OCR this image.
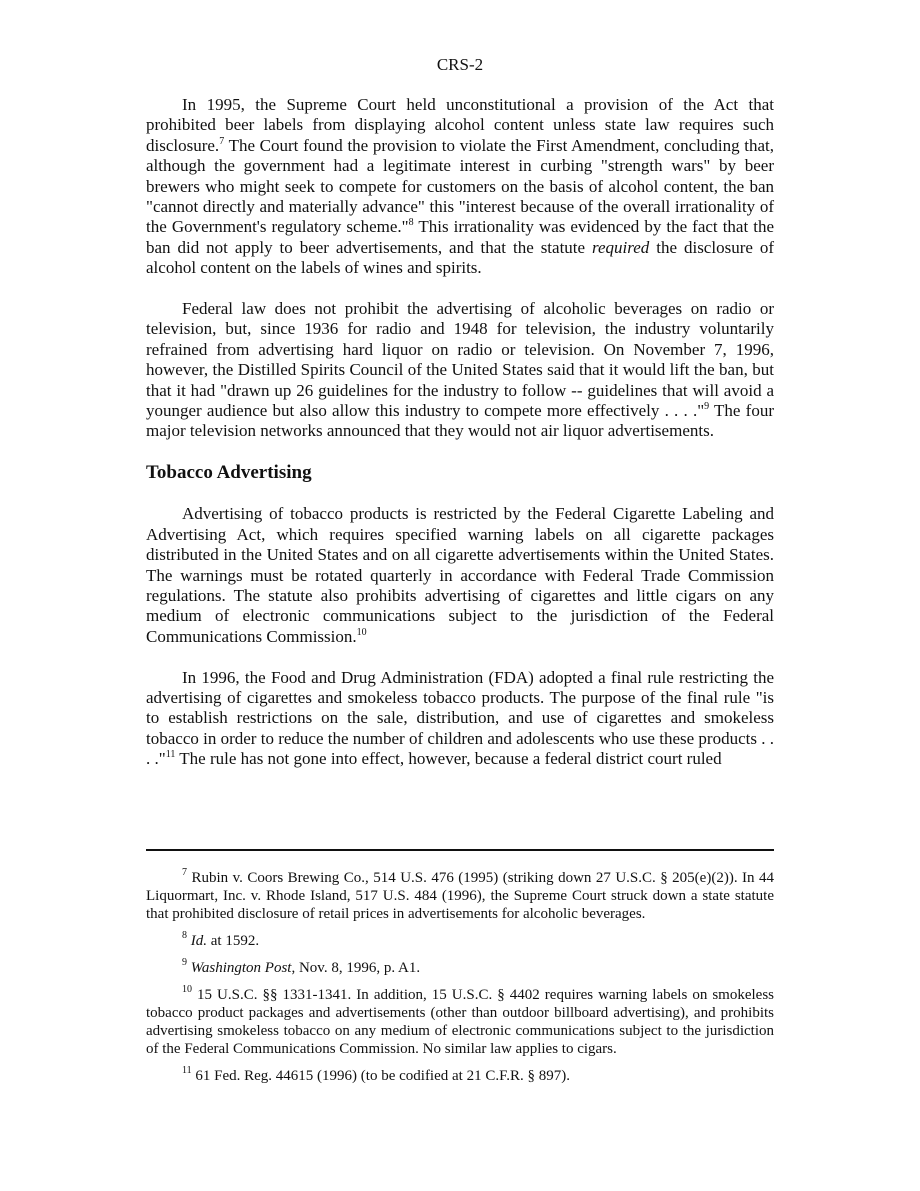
CRS-2

In 1995, the Supreme Court held unconstitutional a provision of the Act that prohibited beer labels from displaying alcohol content unless state law requires such disclosure.$^7$ The Court found the provision to violate the First Amendment, concluding that, although the government had a legitimate interest in curbing "strength wars" by beer brewers who might seek to compete for customers on the basis of alcohol content, the ban "cannot directly and materially advance" this "interest because of the overall irrationality of the Government's regulatory scheme."$^8$ This irrationality was evidenced by the fact that the ban did not apply to beer advertisements, and that the statute required the disclosure of alcohol content on the labels of wines and spirits.

Federal law does not prohibit the advertising of alcoholic beverages on radio or television, but, since 1936 for radio and 1948 for television, the industry voluntarily refrained from advertising hard liquor on radio or television. On November 7, 1996, however, the Distilled Spirits Council of the United States said that it would lift the ban, but that it had "drawn up 26 guidelines for the industry to follow -- guidelines that will avoid a younger audience but also allow this industry to compete more effectively . . . ."$^9$ The four major television networks announced that they would not air liquor advertisements.

Tobacco Advertising

Advertising of tobacco products is restricted by the Federal Cigarette Labeling and Advertising Act, which requires specified warning labels on all cigarette packages distributed in the United States and on all cigarette advertisements within the United States. The warnings must be rotated quarterly in accordance with Federal Trade Commission regulations. The statute also prohibits advertising of cigarettes and little cigars on any medium of electronic communications subject to the jurisdiction of the Federal Communications Commission.$^{10}$

In 1996, the Food and Drug Administration (FDA) adopted a final rule restricting the advertising of cigarettes and smokeless tobacco products. The purpose of the final rule "is to establish restrictions on the sale, distribution, and use of cigarettes and smokeless tobacco in order to reduce the number of children and adolescents who use these products . . . ."$^{11}$ The rule has not gone into effect, however, because a federal district court ruled

$^7$ Rubin v. Coors Brewing Co., 514 U.S. 476 (1995) (striking down 27 U.S.C. § 205(e)(2)). In 44 Liquormart, Inc. v. Rhode Island, 517 U.S. 484 (1996), the Supreme Court struck down a state statute that prohibited disclosure of retail prices in advertisements for alcoholic beverages.

$^8$ Id. at 1592.

$^9$ Washington Post, Nov. 8, 1996, p. A1.

$^{10}$ 15 U.S.C. §§ 1331-1341. In addition, 15 U.S.C. § 4402 requires warning labels on smokeless tobacco product packages and advertisements (other than outdoor billboard advertising), and prohibits advertising smokeless tobacco on any medium of electronic communications subject to the jurisdiction of the Federal Communications Commission. No similar law applies to cigars.

$^{11}$ 61 Fed. Reg. 44615 (1996) (to be codified at 21 C.F.R. § 897).
